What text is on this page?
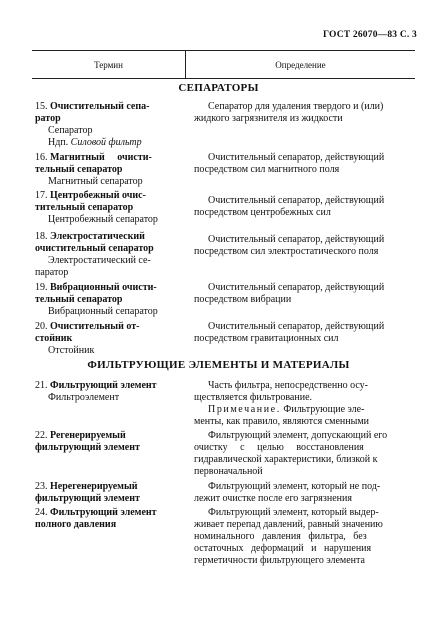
ГОСТ 26070—83 С. 3
Термин	Определение
СЕПАРАТОРЫ
15. Очистительный сепа-
ратор
Сепаратор
Ндп. Силовой фильтр
Сепаратор для удаления твердого и (или)
жидкого загрязнителя из жидкости
16. Магнитный     очисти-
тельный сепаратор
Магнитный сепаратор
Очистительный сепаратор, действующий
посредством сил магнитного поля
17. Центробежный очис-
тительный сепаратор
Центробежный сепаратор
Очистительный сепаратор, действующий
посредством центробежных сил
18. Электростатический
очистительный сепаратор
Электростатический се-
паратор
Очистительный сепаратор, действующий
посредством сил электростатического поля
19. Вибрационный очисти-
тельный сепаратор
Вибрационный сепаратор
Очистительный сепаратор, действующий
посредством вибрации
20. Очистительный от-
стойник
Отстойник
Очистительный сепаратор, действующий
посредством гравитационных сил
ФИЛЬТРУЮЩИЕ ЭЛЕМЕНТЫ И МАТЕРИАЛЫ
21. Фильтрующий элемент
Фильтроэлемент
Часть фильтра, непосредственно осу-
ществляется фильтрование.
Примечание. Фильтрующие эле-
менты, как правило, являются сменными
22. Регенерируемый
фильтрующий элемент
Фильтрующий элемент, допускающий его
очистку     с     целью     восстановления
гидравлической характеристики, близкой к
первоначальной
23. Нерегенерируемый
фильтрующий элемент
Фильтрующий элемент, который не под-
лежит очистке после его загрязнения
24. Фильтрующий элемент
полного давления
Фильтрующий элемент, который выдер-
живает перепад давлений, равный значению
номинального   давления   фильтра,   без
остаточных   деформаций   и   нарушения
герметичности фильтрующего элемента
